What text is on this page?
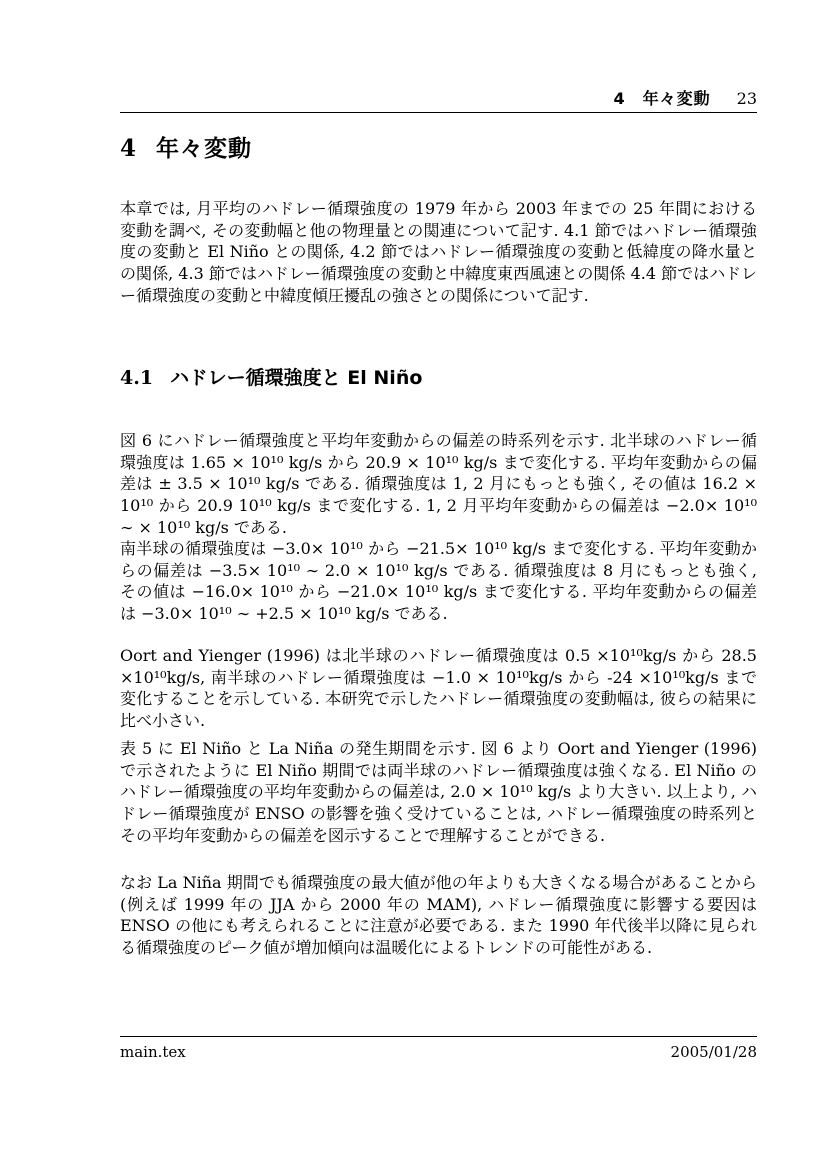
4　年々変動 23
4 年々変動

本章では, 月平均のハドレー循環強度の 1979 年から 2003 年までの 25 年間における変動を調べ, その変動幅と他の物理量との関連について記す. 4.1 節ではハドレー循環強度の変動と El Niño との関係, 4.2 節ではハドレー循環強度の変動と低緯度の降水量との関係, 4.3 節ではハドレー循環強度の変動と中緯度東西風速との関係 4.4 節ではハドレー循環強度の変動と中緯度傾圧擾乱の強さとの関係について記す.

4.1 ハドレー循環強度と El Niño

図 6 にハドレー循環強度と平均年変動からの偏差の時系列を示す. 北半球のハドレー循環強度は 1.65 × 10¹⁰ kg/s から 20.9 × 10¹⁰ kg/s まで変化する. 平均年変動からの偏差は ± 3.5 × 10¹⁰ kg/s である. 循環強度は 1, 2 月にもっとも強く, その値は 16.2 × 10¹⁰ から 20.9 10¹⁰ kg/s まで変化する. 1, 2 月平均年変動からの偏差は −2.0× 10¹⁰ ∼ × 10¹⁰ kg/s である.

南半球の循環強度は −3.0× 10¹⁰ から −21.5× 10¹⁰ kg/s まで変化する. 平均年変動からの偏差は −3.5× 10¹⁰ ∼ 2.0 × 10¹⁰ kg/s である. 循環強度は 8 月にもっとも強く, その値は −16.0× 10¹⁰ から −21.0× 10¹⁰ kg/s まで変化する. 平均年変動からの偏差は −3.0× 10¹⁰ ∼ +2.5 × 10¹⁰ kg/s である.

Oort and Yienger (1996) は北半球のハドレー循環強度は 0.5 ×10¹⁰kg/s から 28.5 ×10¹⁰kg/s, 南半球のハドレー循環強度は −1.0 × 10¹⁰kg/s から -24 ×10¹⁰kg/s まで変化することを示している. 本研究で示したハドレー循環強度の変動幅は, 彼らの結果に比べ小さい.

表 5 に El Niño と La Niña の発生期間を示す. 図 6 より Oort and Yienger (1996) で示されたように El Niño 期間では両半球のハドレー循環強度は強くなる. El Niño のハドレー循環強度の平均年変動からの偏差は, 2.0 × 10¹⁰ kg/s より大きい. 以上より, ハドレー循環強度が ENSO の影響を強く受けていることは, ハドレー循環強度の時系列とその平均年変動からの偏差を図示することで理解することができる.

なお La Niña 期間でも循環強度の最大値が他の年よりも大きくなる場合があることから (例えば 1999 年の JJA から 2000 年の MAM), ハドレー循環強度に影響する要因は ENSO の他にも考えられることに注意が必要である. また 1990 年代後半以降に見られる循環強度のピーク値が増加傾向は温暖化によるトレンドの可能性がある.

main.tex	2005/01/28
